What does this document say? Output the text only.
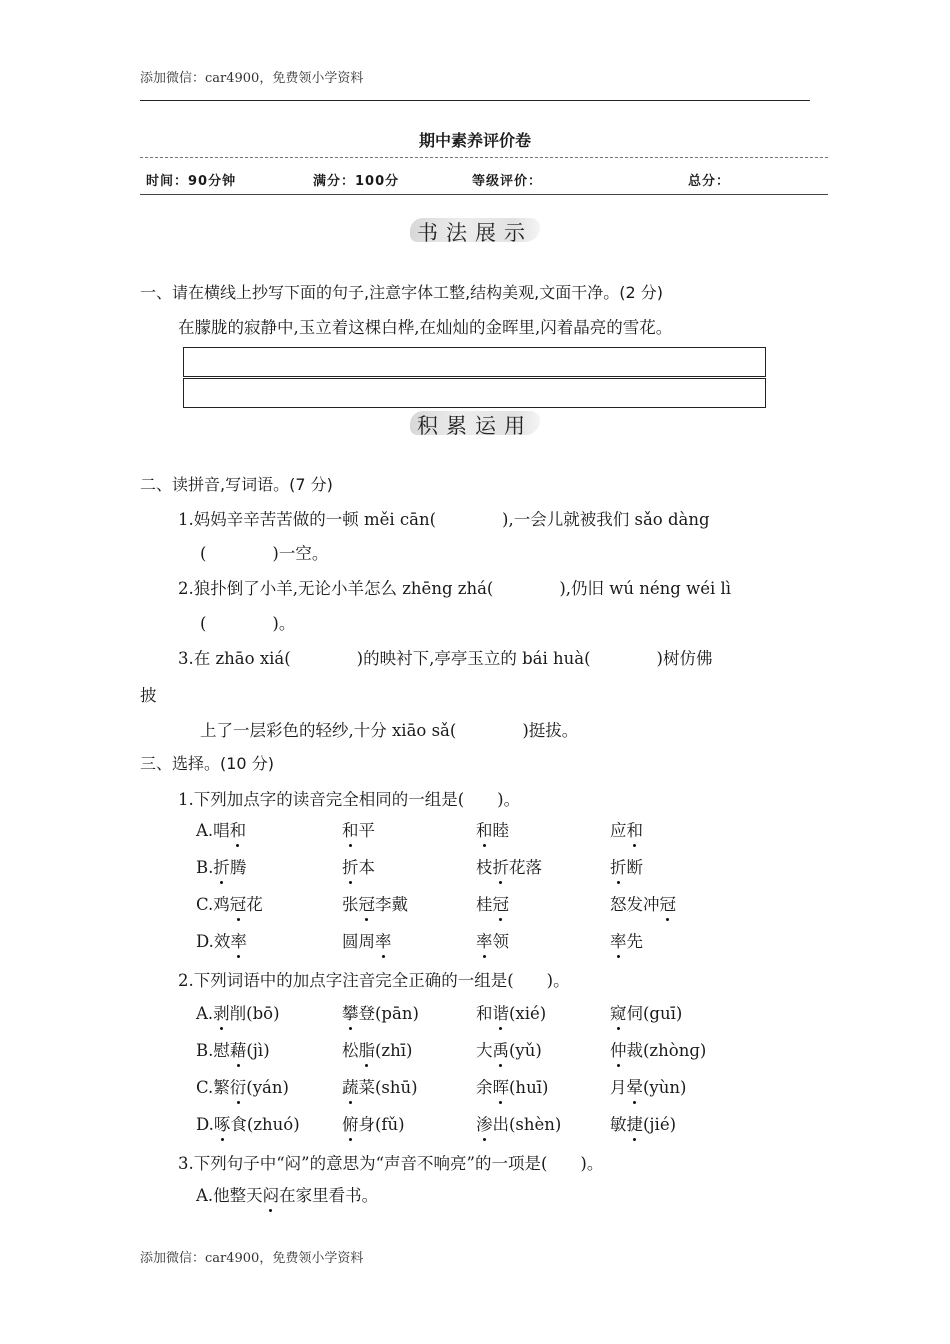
添加微信：car4900，免费领小学资料
期中素养评价卷
时间：90分钟	满分：100分	等级评价：	总分：
书法展示
一、请在横线上抄写下面的句子,注意字体工整,结构美观,文面干净。(2 分)
在朦胧的寂静中,玉立着这棵白桦,在灿灿的金晖里,闪着晶亮的雪花。
积累运用
二、读拼音,写词语。(7 分)
1.妈妈辛辛苦苦做的一顿 měi cān(　　　　),一会儿就被我们 sǎo dàng
(　　　　)一空。
2.狼扑倒了小羊,无论小羊怎么 zhēng zhá(　　　　),仍旧 wú néng wéi lì
(　　　　)。
3.在 zhāo xiá(　　　　)的映衬下,亭亭玉立的 bái huà(　　　　)树仿佛
披
上了一层彩色的轻纱,十分 xiāo sǎ(　　　　)挺拔。
三、选择。(10 分)
1.下列加点字的读音完全相同的一组是(　　)。
A.唱和	和平	和睦	应和
B.折腾	折本	枝折花落	折断
C.鸡冠花	张冠李戴	桂冠	怒发冲冠
D.效率	圆周率	率领	率先
2.下列词语中的加点字注音完全正确的一组是(　　)。
A.剥削(bō)	攀登(pān)	和谐(xié)	窥伺(guī)
B.慰藉(jì)	松脂(zhī)	大禹(yǔ)	仲裁(zhònɡ)
C.繁衍(yán)	蔬菜(shū)	余晖(huī)	月晕(yùn)
D.啄食(zhuó)	俯身(fǔ)	渗出(shèn)	敏捷(jié)
3.下列句子中“闷”的意思为“声音不响亮”的一项是(　　)。
A.他整天闷在家里看书。
添加微信：car4900，免费领小学资料
